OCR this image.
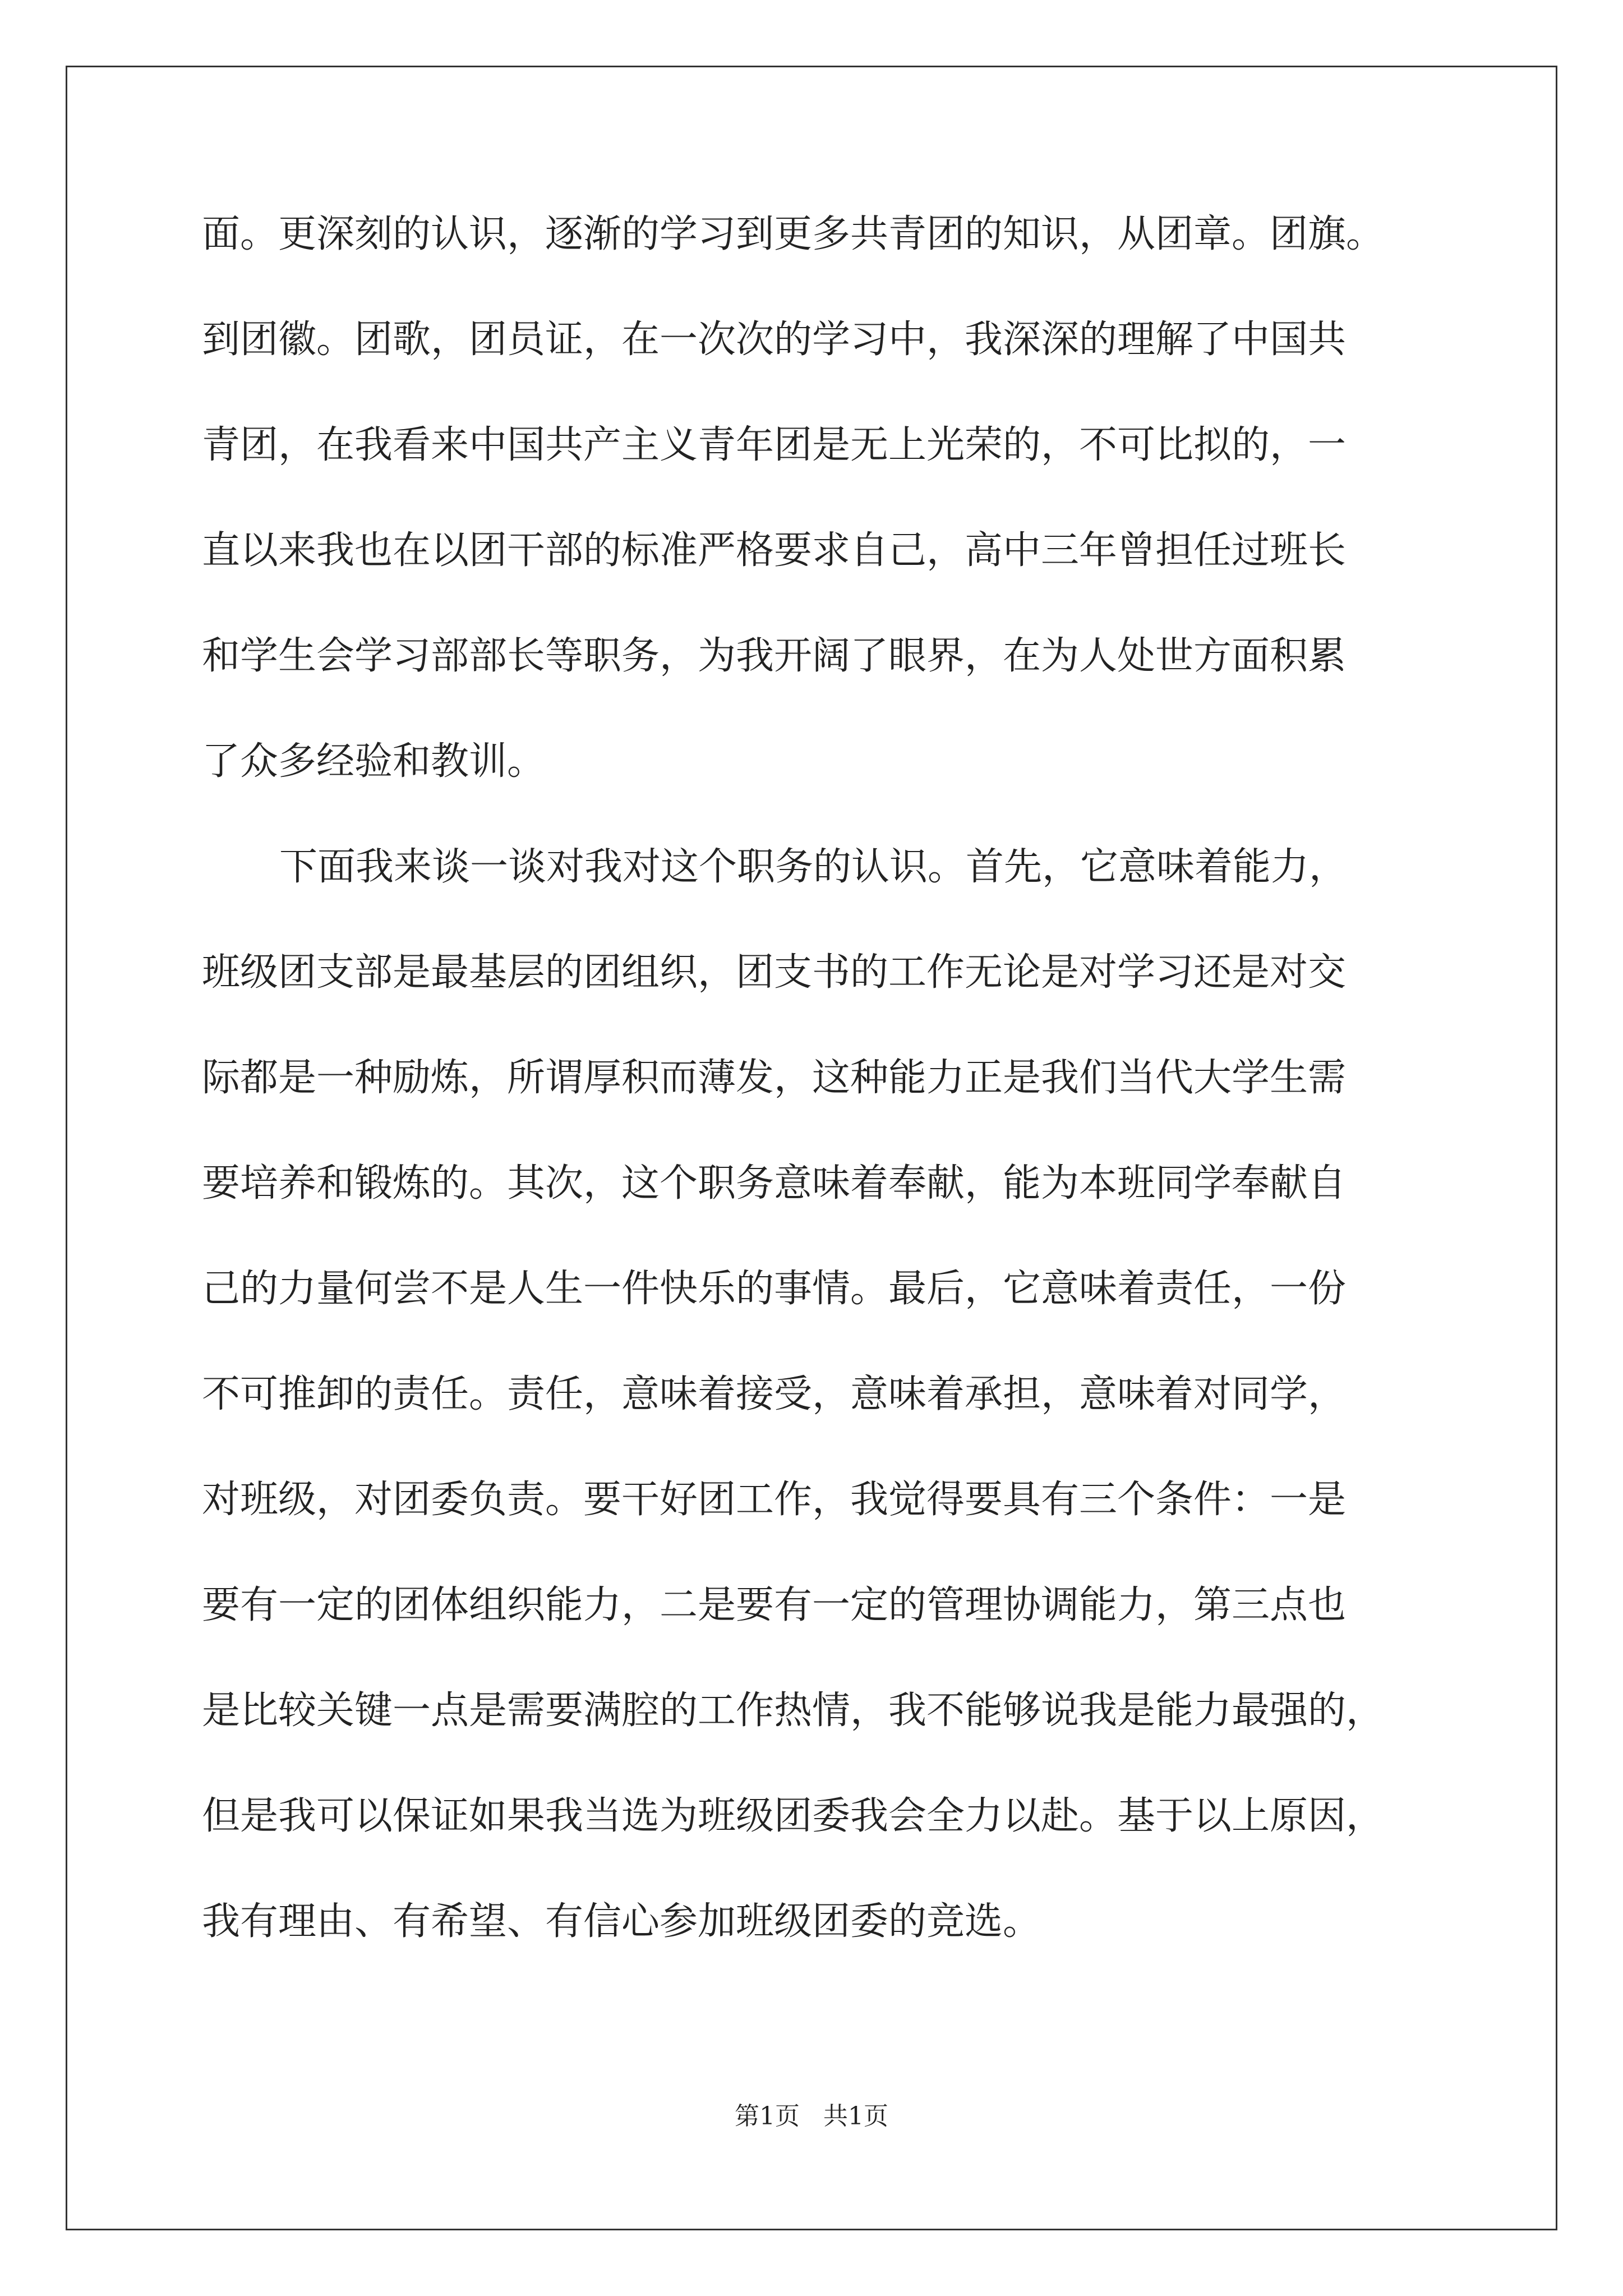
面。更深刻的认识，逐渐的学习到更多共青团的知识，从团章。团旗。
到团徽。团歌，团员证，在一次次的学习中，我深深的理解了中国共
青团，在我看来中国共产主义青年团是无上光荣的，不可比拟的，一
直以来我也在以团干部的标准严格要求自己，高中三年曾担任过班长
和学生会学习部部长等职务，为我开阔了眼界，在为人处世方面积累
了众多经验和教训。
下面我来谈一谈对我对这个职务的认识。首先，它意味着能力，
班级团支部是最基层的团组织，团支书的工作无论是对学习还是对交
际都是一种励炼，所谓厚积而薄发，这种能力正是我们当代大学生需
要培养和锻炼的。其次，这个职务意味着奉献，能为本班同学奉献自
己的力量何尝不是人生一件快乐的事情。最后，它意味着责任，一份
不可推卸的责任。责任，意味着接受，意味着承担，意味着对同学，
对班级，对团委负责。要干好团工作，我觉得要具有三个条件：一是
要有一定的团体组织能力，二是要有一定的管理协调能力，第三点也
是比较关键一点是需要满腔的工作热情，我不能够说我是能力最强的，
但是我可以保证如果我当选为班级团委我会全力以赴。基于以上原因，
我有理由、有希望、有信心参加班级团委的竞选。
第1页   共1页
